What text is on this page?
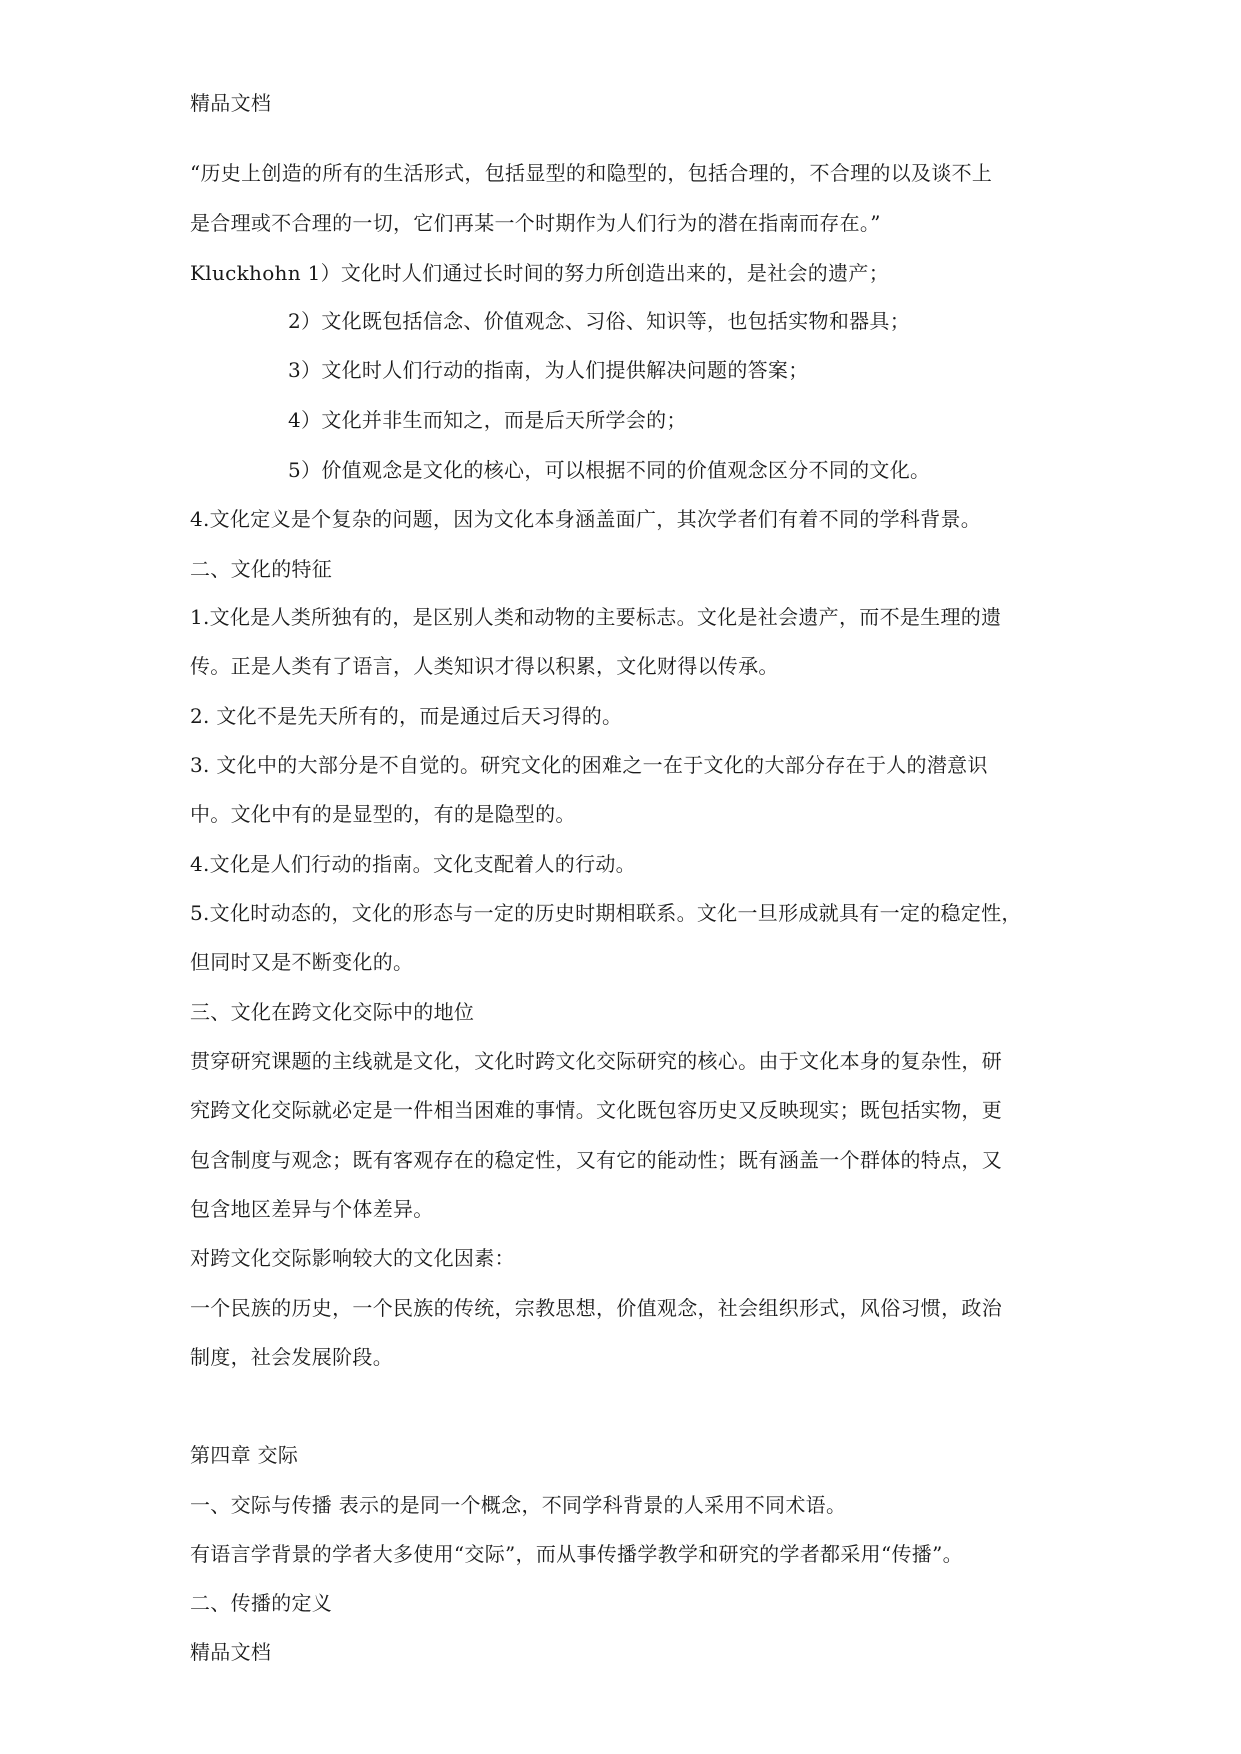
精品文档
“历史上创造的所有的生活形式，包括显型的和隐型的，包括合理的，不合理的以及谈不上
是合理或不合理的一切，它们再某一个时期作为人们行为的潜在指南而存在。”
Kluckhohn 1）文化时人们通过长时间的努力所创造出来的，是社会的遗产；
2）文化既包括信念、价值观念、习俗、知识等，也包括实物和器具；
3）文化时人们行动的指南，为人们提供解决问题的答案；
4）文化并非生而知之，而是后天所学会的；
5）价值观念是文化的核心，可以根据不同的价值观念区分不同的文化。
4.文化定义是个复杂的问题，因为文化本身涵盖面广，其次学者们有着不同的学科背景。
二、文化的特征
1.文化是人类所独有的，是区别人类和动物的主要标志。文化是社会遗产，而不是生理的遗
传。正是人类有了语言，人类知识才得以积累，文化财得以传承。
2. 文化不是先天所有的，而是通过后天习得的。
3. 文化中的大部分是不自觉的。研究文化的困难之一在于文化的大部分存在于人的潜意识
中。文化中有的是显型的，有的是隐型的。
4.文化是人们行动的指南。文化支配着人的行动。
5.文化时动态的，文化的形态与一定的历史时期相联系。文化一旦形成就具有一定的稳定性，
但同时又是不断变化的。
三、文化在跨文化交际中的地位
贯穿研究课题的主线就是文化，文化时跨文化交际研究的核心。由于文化本身的复杂性，研
究跨文化交际就必定是一件相当困难的事情。文化既包容历史又反映现实；既包括实物，更
包含制度与观念；既有客观存在的稳定性，又有它的能动性；既有涵盖一个群体的特点，又
包含地区差异与个体差异。
对跨文化交际影响较大的文化因素：
一个民族的历史，一个民族的传统，宗教思想，价值观念，社会组织形式，风俗习惯，政治
制度，社会发展阶段。
第四章 交际
一、交际与传播 表示的是同一个概念，不同学科背景的人采用不同术语。
有语言学背景的学者大多使用“交际”，而从事传播学教学和研究的学者都采用“传播”。
二、传播的定义
精品文档
